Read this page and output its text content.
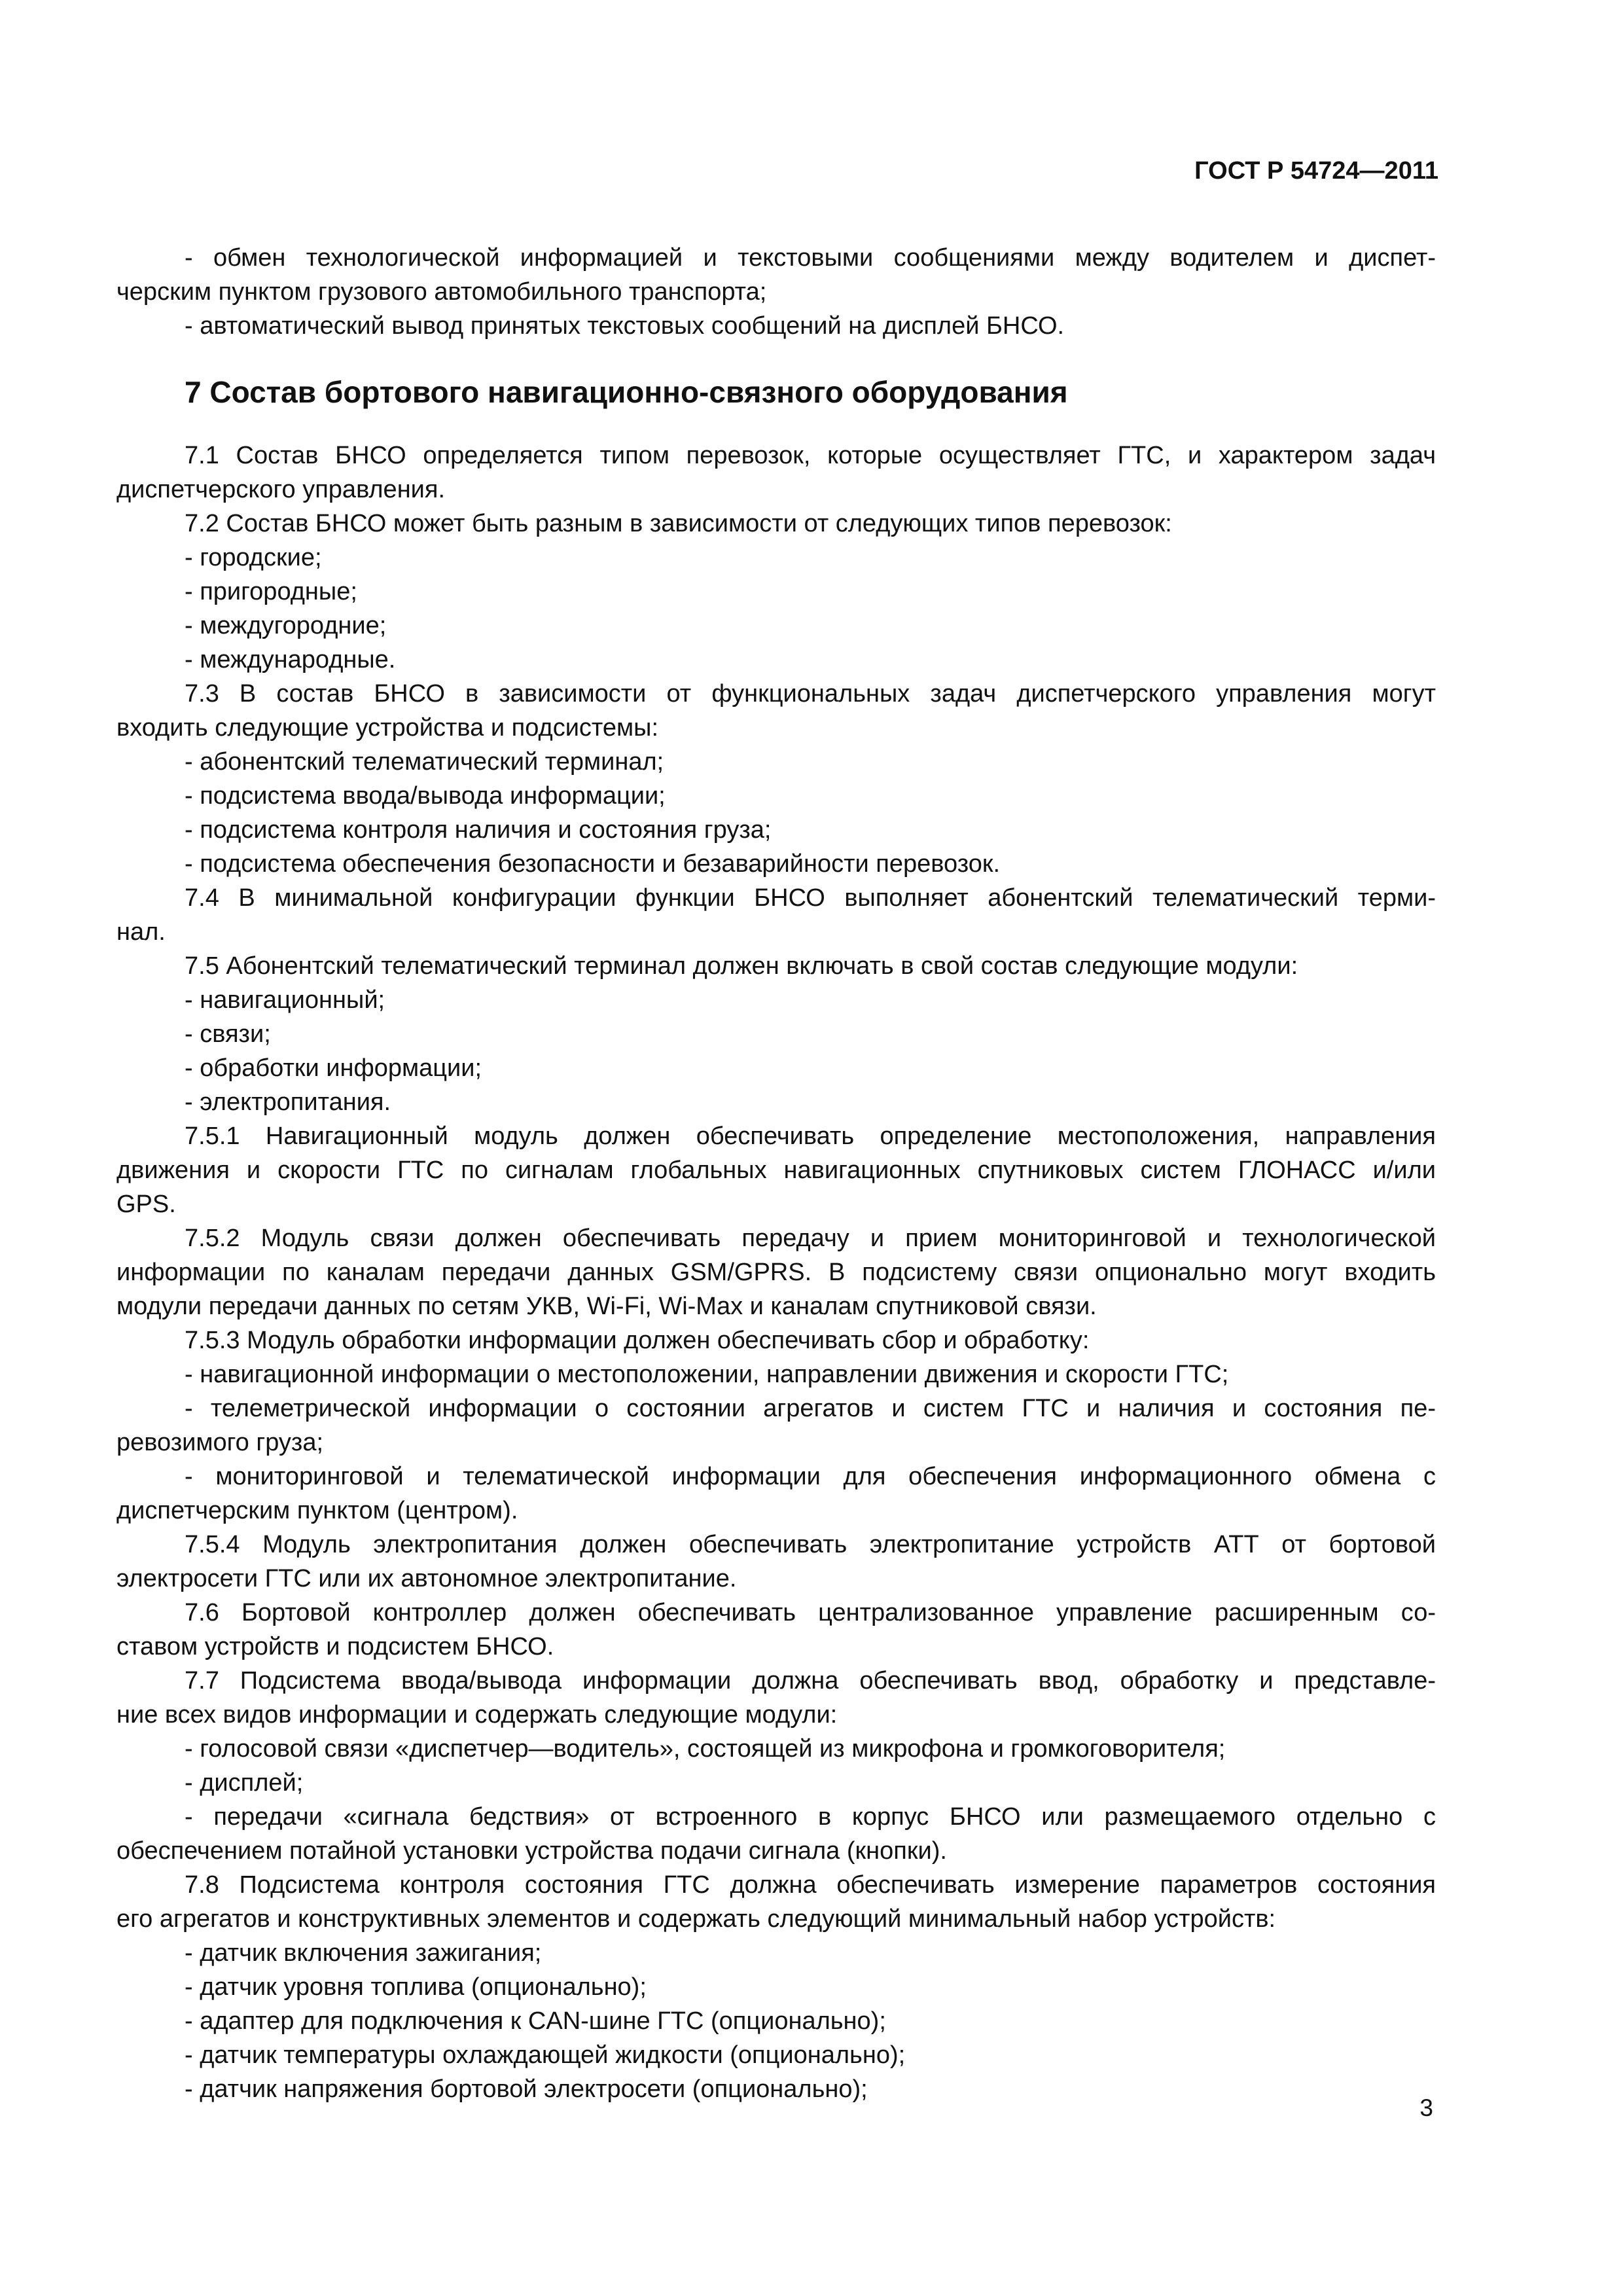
ГОСТ Р 54724—2011
7 Состав бортового навигационно-связного оборудования
- обмен технологической информацией и текстовыми сообщениями между водителем и диспет-
черским пунктом грузового автомобильного транспорта;
- автоматический вывод принятых текстовых сообщений на дисплей БНСО.
7.1 Состав БНСО определяется типом перевозок, которые осуществляет ГТС, и характером задач
диспетчерского управления.
7.2 Состав БНСО может быть разным в зависимости от следующих типов перевозок:
- городские;
- пригородные;
- междугородние;
- международные.
7.3 В состав БНСО в зависимости от функциональных задач диспетчерского управления могут
входить следующие устройства и подсистемы:
- абонентский телематический терминал;
- подсистема ввода/вывода информации;
- подсистема контроля наличия и состояния груза;
- подсистема обеспечения безопасности и безаварийности перевозок.
7.4 В минимальной конфигурации функции БНСО выполняет абонентский телематический терми-
нал.
7.5 Абонентский телематический терминал должен включать в свой состав следующие модули:
- навигационный;
- связи;
- обработки информации;
- электропитания.
7.5.1 Навигационный модуль должен обеспечивать определение местоположения, направления
движения и скорости ГТС по сигналам глобальных навигационных спутниковых систем ГЛОНАСС и/или
GPS.
7.5.2 Модуль связи должен обеспечивать передачу и прием мониторинговой и технологической
информации по каналам передачи данных GSM/GPRS. В подсистему связи опционально могут входить
модули передачи данных по сетям УКВ, Wi-Fi, Wi-Max и каналам спутниковой связи.
7.5.3 Модуль обработки информации должен обеспечивать сбор и обработку:
- навигационной информации о местоположении, направлении движения и скорости ГТС;
- телеметрической информации о состоянии агрегатов и систем ГТС и наличия и состояния пе-
ревозимого груза;
- мониторинговой и телематической информации для обеспечения информационного обмена с
диспетчерским пунктом (центром).
7.5.4 Модуль электропитания должен обеспечивать электропитание устройств АТТ от бортовой
электросети ГТС или их автономное электропитание.
7.6 Бортовой контроллер должен обеспечивать централизованное управление расширенным со-
ставом устройств и подсистем БНСО.
7.7 Подсистема ввода/вывода информации должна обеспечивать ввод, обработку и представле-
ние всех видов информации и содержать следующие модули:
- голосовой связи «диспетчер—водитель», состоящей из микрофона и громкоговорителя;
- дисплей;
- передачи «сигнала бедствия» от встроенного в корпус БНСО или размещаемого отдельно с
обеспечением потайной установки устройства подачи сигнала (кнопки).
7.8 Подсистема контроля состояния ГТС должна обеспечивать измерение параметров состояния
его агрегатов и конструктивных элементов и содержать следующий минимальный набор устройств:
- датчик включения зажигания;
- датчик уровня топлива (опционально);
- адаптер для подключения к CAN-шине ГТС (опционально);
- датчик температуры охлаждающей жидкости (опционально);
- датчик напряжения бортовой электросети (опционально);
3
